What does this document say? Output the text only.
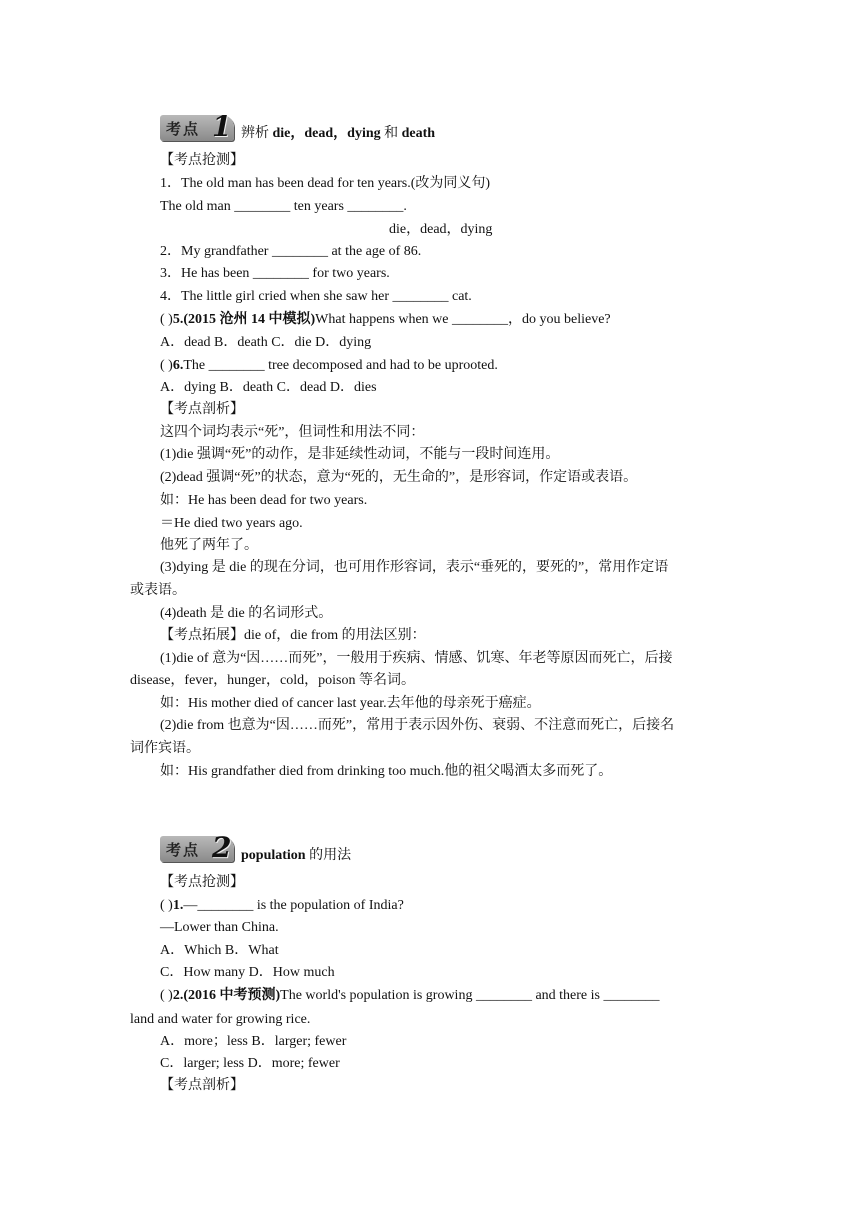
考点 1 辨析 die，dead，dying 和 death
【考点抢测】
1．The old man has been dead for ten years.(改为同义句)
The old man ________ ten years ________.
die，dead，dying
2．My grandfather ________ at the age of 86.
3．He has been ________ for two years.
4．The little girl cried when she saw her ________ cat.
( )5.(2015 沧州 14 中模拟)What happens when we ________，do you believe?
A．dead B．death C．die D．dying
( )6.The ________ tree decomposed and had to be uprooted.
A．dying B．death C．dead D．dies
【考点剖析】
这四个词均表示“死”，但词性和用法不同：
(1)die 强调“死”的动作，是非延续性动词，不能与一段时间连用。
(2)dead 强调“死”的状态，意为“死的，无生命的”，是形容词，作定语或表语。
如：He has been dead for two years.
＝He died two years ago.
他死了两年了。
(3)dying 是 die 的现在分词，也可用作形容词，表示“垂死的，要死的”，常用作定语
或表语。
(4)death 是 die 的名词形式。
【考点拓展】die of，die from 的用法区别：
(1)die of 意为“因……而死”，一般用于疾病、情感、饥寒、年老等原因而死亡，后接
disease，fever，hunger，cold，poison 等名词。
如：His mother died of cancer last year.去年他的母亲死于癌症。
(2)die from 也意为“因……而死”，常用于表示因外伤、衰弱、不注意而死亡，后接名
词作宾语。
如：His grandfather died from drinking too much.他的祖父喝酒太多而死了。
考点 2 population 的用法
【考点抢测】
( )1.—________ is the population of India?
—Lower than China.
A．Which B．What
C．How many D．How much
( )2.(2016 中考预测)The world's population is growing ________ and there is ________
land and water for growing rice.
A．more；less B．larger; fewer
C．larger; less D．more; fewer
【考点剖析】
